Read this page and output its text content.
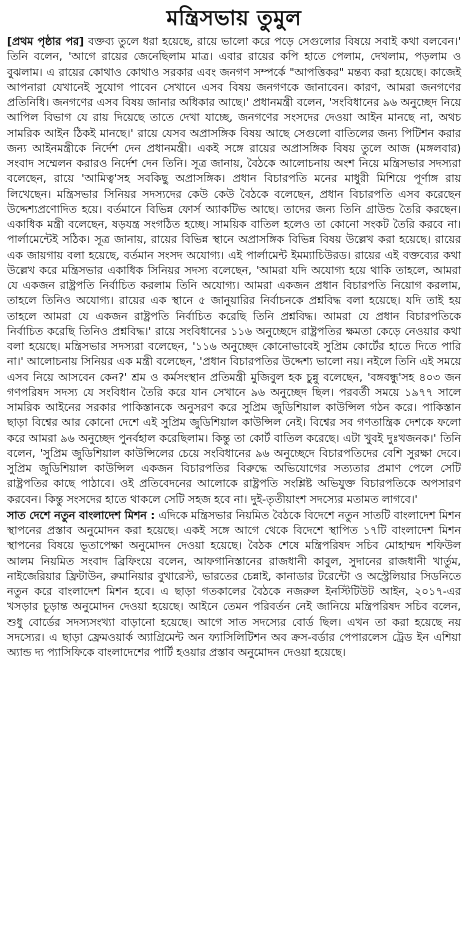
মন্ত্রিসভায় তুমুল

[প্রথম পৃষ্ঠার পর] বক্তব্য তুলে ধরা হয়েছে, রায়ে ভালো করে পড়ে সেগুলোর বিষয়ে সবাই কথা বলবেন।' তিনি বলেন, 'আগে রায়ের জেনেছিলাম মাত্র। এবার রায়ের কপি হাতে পেলাম, দেখলাম, পড়লাম ও বুঝলাম। এ রায়ের কোথাও কোথাও সরকার এবং জনগণ সম্পর্কে "আপত্তিকর" মন্তব্য করা হয়েছে। কাজেই আপনারা যেখানেই সুযোগ পাবেন সেখানে এসব বিষয় জনগণকে জানাবেন। কারণ, আমরা জনগণের প্রতিনিধি। জনগণের এসব বিষয় জানার অধিকার আছে।' প্রধানমন্ত্রী বলেন, 'সংবিধানের ৯৬ অনুচ্ছেদ নিয়ে আপিল বিভাগ যে রায় দিয়েছে তাতে দেখা যাচ্ছে, জনগণের সংসদের দেওয়া আইন মানছে না, অথচ সামরিক আইন ঠিকই মানছে।' রায়ে যেসব অপ্রাসঙ্গিক বিষয় আছে সেগুলো বাতিলের জন্য পিটিশন করার জন্য আইনমন্ত্রীকে নির্দেশ দেন প্রধানমন্ত্রী। একই সঙ্গে রায়ের অপ্রাসঙ্গিক বিষয় তুলে আজ (মঙ্গলবার) সংবাদ সম্মেলন করারও নির্দেশ দেন তিনি। সূত্র জানায়, বৈঠকে আলোচনায় অংশ নিয়ে মন্ত্রিসভার সদস্যরা বলেছেন, রায়ে 'আমিত্ব'সহ সবকিছু অপ্রাসঙ্গিক। প্রধান বিচারপতি মনের মাধুরী মিশিয়ে পূর্ণাঙ্গ রায় লিখেছেন। মন্ত্রিসভার সিনিয়র সদস্যদের কেউ কেউ বৈঠকে বলেছেন, প্রধান বিচারপতি এসব করেছেন উদ্দেশ্যপ্রণোদিত হয়ে। বর্তমানে বিভিন্ন ফোর্স অ্যাকটিভ আছে। তাদের জন্য তিনি গ্রাউন্ড তৈরি করছেন। একাধিক মন্ত্রী বলেছেন, ষড়যন্ত্র সংগঠিত হচ্ছে। সাময়িক বাতিল হলেও তা কোনো সংকট তৈরি করবে না। পার্লামেন্টেই সঠিক। সূত্র জানায়, রায়ের বিভিন্ন স্থানে অপ্রাসঙ্গিক বিভিন্ন বিষয় উল্লেখ করা হয়েছে। রায়ের এক জায়গায় বলা হয়েছে, বর্তমান সংসদ অযোগ্য। এই পার্লামেন্ট ইমম্যাচিউরড। রায়ের এই বক্তব্যের কথা উল্লেখ করে মন্ত্রিসভার একাধিক সিনিয়র সদস্য বলেছেন, 'আমরা যদি অযোগ্য হয়ে থাকি তাহলে, আমরা যে একজন রাষ্ট্রপতি নির্বাচিত করলাম তিনি অযোগ্য। আমরা একজন প্রধান বিচারপতি নিয়োগ করলাম, তাহলে তিনিও অযোগ্য। রায়ের এক স্থানে ৫ জানুয়ারির নির্বাচনকে প্রশ্নবিদ্ধ বলা হয়েছে। যদি তাই হয় তাহলে আমরা যে একজন রাষ্ট্রপতি নির্বাচিত করেছি তিনি প্রশ্নবিদ্ধ। আমরা যে প্রধান বিচারপতিকে নির্বাচিত করেছি তিনিও প্রশ্নবিদ্ধ।' রায়ে সংবিধানের ১১৬ অনুচ্ছেদে রাষ্ট্রপতির ক্ষমতা কেড়ে নেওয়ার কথা বলা হয়েছে। মন্ত্রিসভার সদস্যরা বলেছেন, '১১৬ অনুচ্ছেদ কোনোভাবেই সুপ্রিম কোর্টের হাতে দিতে পারি না।' আলোচনায় সিনিয়র এক মন্ত্রী বলেছেন, 'প্রধান বিচারপতির উদ্দেশ্য ভালো নয়। নইলে তিনি এই সময়ে এসব নিয়ে আসবেন কেন?' শ্রম ও কর্মসংস্থান প্রতিমন্ত্রী মুজিবুল হক চুন্নু বলেছেন, 'বঙ্গবন্ধু'সহ ৪০৩ জন গণপরিষদ সদস্য যে সংবিধান তৈরি করে যান সেখানে ৯৬ অনুচ্ছেদ ছিল। পরবর্তী সময়ে ১৯৭৭ সালে সামরিক আইনের সরকার পাকিস্তানকে অনুসরণ করে সুপ্রিম জুডিশিয়াল কাউন্সিল গঠন করে। পাকিস্তান ছাড়া বিশ্বের আর কোনো দেশে এই সুপ্রিম জুডিশিয়াল কাউন্সিল নেই। বিশ্বের সব গণতান্ত্রিক দেশকে ফলো করে আমরা ৯৬ অনুচ্ছেদ পুনর্বহাল করেছিলাম। কিন্তু তা কোর্ট বাতিল করেছে। এটা খুবই দুঃখজনক।' তিনি বলেন, 'সুপ্রিম জুডিশিয়াল কাউন্সিলের চেয়ে সংবিধানের ৯৬ অনুচ্ছেদে বিচারপতিদের বেশি সুরক্ষা দেবে। সুপ্রিম জুডিশিয়াল কাউন্সিল একজন বিচারপতির বিরুদ্ধে অভিযোগের সত্যতার প্রমাণ পেলে সেটি রাষ্ট্রপতির কাছে পাঠাবে। ওই প্রতিবেদনের আলোকে রাষ্ট্রপতি সংশ্লিষ্ট অভিযুক্ত বিচারপতিকে অপসারণ করবেন। কিন্তু সংসদের হাতে থাকলে সেটি সহজ হবে না। দুই-তৃতীয়াংশ সদস্যের মতামত লাগবে।'

সাত দেশে নতুন বাংলাদেশ মিশন : এদিকে মন্ত্রিসভার নিয়মিত বৈঠকে বিদেশে নতুন সাতটি বাংলাদেশ মিশন স্থাপনের প্রস্তাব অনুমোদন করা হয়েছে। একই সঙ্গে আগে থেকে বিদেশে স্থাপিত ১৭টি বাংলাদেশ মিশন স্থাপনের বিষয়ে ভূতাপেক্ষা অনুমোদন দেওয়া হয়েছে। বৈঠক শেষে মন্ত্রিপরিষদ সচিব মোহাম্মদ শফিউল আলম নিয়মিত সংবাদ ব্রিফিংয়ে বলেন, আফগানিস্তানের রাজধানী কাবুল, সুদানের রাজধানী খার্তুম, নাইজেরিয়ার ফ্রিটাউন, রুমানিয়ার বুখারেস্ট, ভারতের চেন্নাই, কানাডার টরেন্টো ও অস্ট্রেলিয়ার সিডনিতে নতুন করে বাংলাদেশ মিশন হবে। এ ছাড়া গতকালের বৈঠকে নজরুল ইনস্টিটিউট আইন, ২০১৭-এর খসড়ার চূড়ান্ত অনুমোদন দেওয়া হয়েছে। আইনে তেমন পরিবর্তন নেই জানিয়ে মন্ত্রিপরিষদ সচিব বলেন, শুধু বোর্ডের সদস্যসংখ্যা বাড়ানো হয়েছে। আগে সাত সদস্যের বোর্ড ছিল। এখন তা করা হয়েছে নয় সদস্যের। এ ছাড়া ফ্রেমওয়ার্ক অ্যাগ্রিমেন্ট অন ফ্যাসিলিটিশন অব ক্রস-বর্ডার পেপারলেস ট্রেড ইন এশিয়া অ্যান্ড দ্য প্যাসিফিকে বাংলাদেশের পার্টি হওয়ার প্রস্তাব অনুমোদন দেওয়া হয়েছে।
